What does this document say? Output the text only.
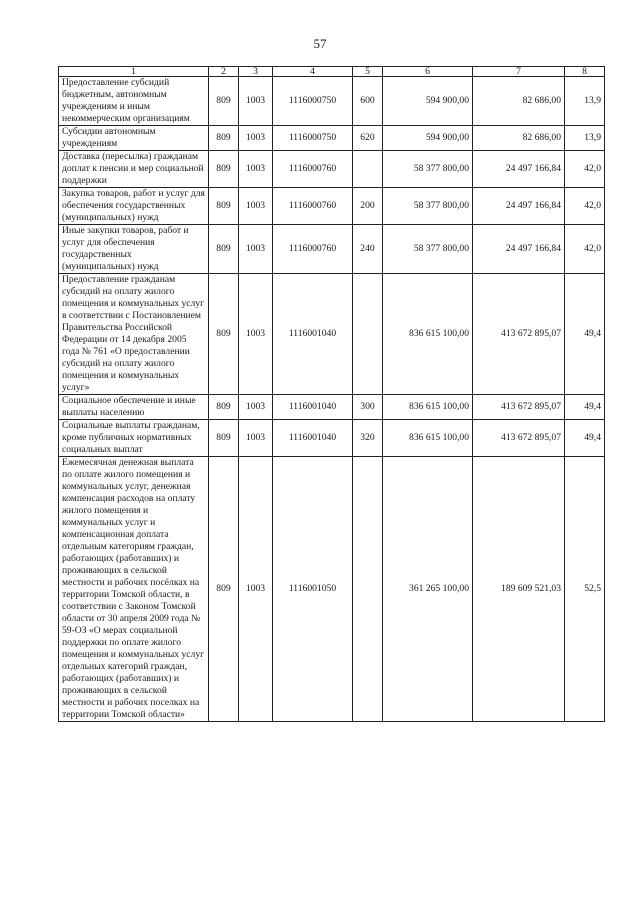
57
1	2	3	4	5	6	7	8
Предоставление субсидий бюджетным, автономным учреждениям и иным некоммерческим организациям	809	1003	1116000750	600	594 900,00	82 686,00	13,9
Субсидии автономным учреждениям	809	1003	1116000750	620	594 900,00	82 686,00	13,9
Доставка (пересылка) гражданам доплат к пенсии и мер социальной поддержки	809	1003	1116000760		58 377 800,00	24 497 166,84	42,0
Закупка товаров, работ и услуг для обеспечения государственных (муниципальных) нужд	809	1003	1116000760	200	58 377 800,00	24 497 166,84	42,0
Иные закупки товаров, работ и услуг для обеспечения государственных (муниципальных) нужд	809	1003	1116000760	240	58 377 800,00	24 497 166,84	42,0
Предоставление гражданам субсидий на оплату жилого помещения и коммунальных услуг в соответствии с Постановлением Правительства Российской Федерации от 14 декабря 2005 года № 761 «О предоставлении субсидий на оплату жилого помещения и коммунальных услуг»	809	1003	1116001040		836 615 100,00	413 672 895,07	49,4
Социальное обеспечение и иные выплаты населению	809	1003	1116001040	300	836 615 100,00	413 672 895,07	49,4
Социальные выплаты гражданам, кроме публичных нормативных социальных выплат	809	1003	1116001040	320	836 615 100,00	413 672 895,07	49,4
Ежемесячная денежная выплата по оплате жилого помещения и коммунальных услуг, денежная компенсация расходов на оплату жилого помещения и коммунальных услуг и компенсационная доплата отдельным категориям граждан, работающих (работавших) и проживающих в сельской местности и рабочих посёлках на территории Томской области, в соответствии с Законом Томской области от 30 апреля 2009 года № 59-ОЗ «О мерах социальной поддержки по оплате жилого помещения и коммунальных услуг отдельных категорий граждан, работающих (работавших) и проживающих в сельской местности и рабочих поселках на территории Томской области»	809	1003	1116001050		361 265 100,00	189 609 521,03	52,5
